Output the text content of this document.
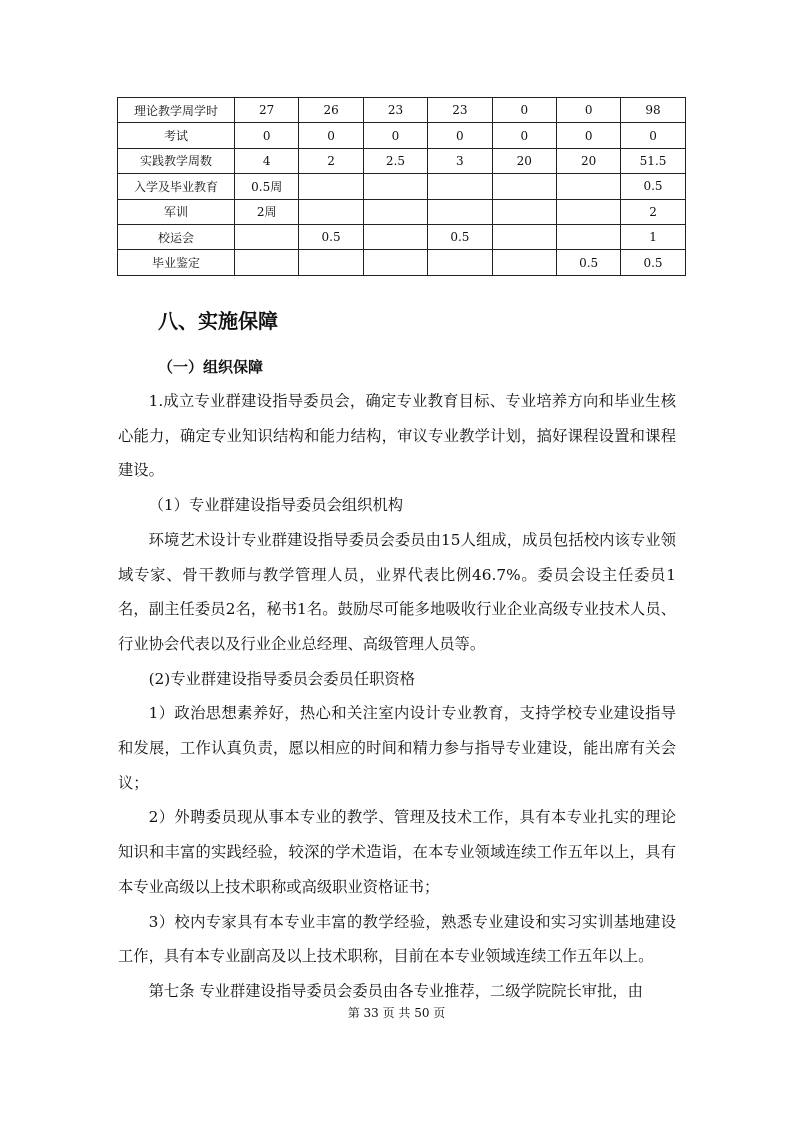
理论教学周学时	27	26	23	23	0	0	98
考试	0	0	0	0	0	0	0
实践教学周数	4	2	2.5	3	20	20	51.5
入学及毕业教育	0.5周						0.5
军训	2周						2
校运会		0.5		0.5			1
毕业鉴定						0.5	0.5
八、实施保障
（一）组织保障

1.成立专业群建设指导委员会，确定专业教育目标、专业培养方向和毕业生核心能力，确定专业知识结构和能力结构，审议专业教学计划，搞好课程设置和课程建设。

（1）专业群建设指导委员会组织机构

环境艺术设计专业群建设指导委员会委员由15人组成，成员包括校内该专业领域专家、骨干教师与教学管理人员，业界代表比例46.7%。委员会设主任委员1名，副主任委员2名，秘书1名。鼓励尽可能多地吸收行业企业高级专业技术人员、行业协会代表以及行业企业总经理、高级管理人员等。

(2)专业群建设指导委员会委员任职资格

1）政治思想素养好，热心和关注室内设计专业教育，支持学校专业建设指导和发展，工作认真负责，愿以相应的时间和精力参与指导专业建设，能出席有关会议；

2）外聘委员现从事本专业的教学、管理及技术工作，具有本专业扎实的理论知识和丰富的实践经验，较深的学术造诣，在本专业领域连续工作五年以上，具有本专业高级以上技术职称或高级职业资格证书；

3）校内专家具有本专业丰富的教学经验，熟悉专业建设和实习实训基地建设工作，具有本专业副高及以上技术职称，目前在本专业领域连续工作五年以上。

第七条 专业群建设指导委员会委员由各专业推荐，二级学院院长审批，由

第 33 页 共 50 页
